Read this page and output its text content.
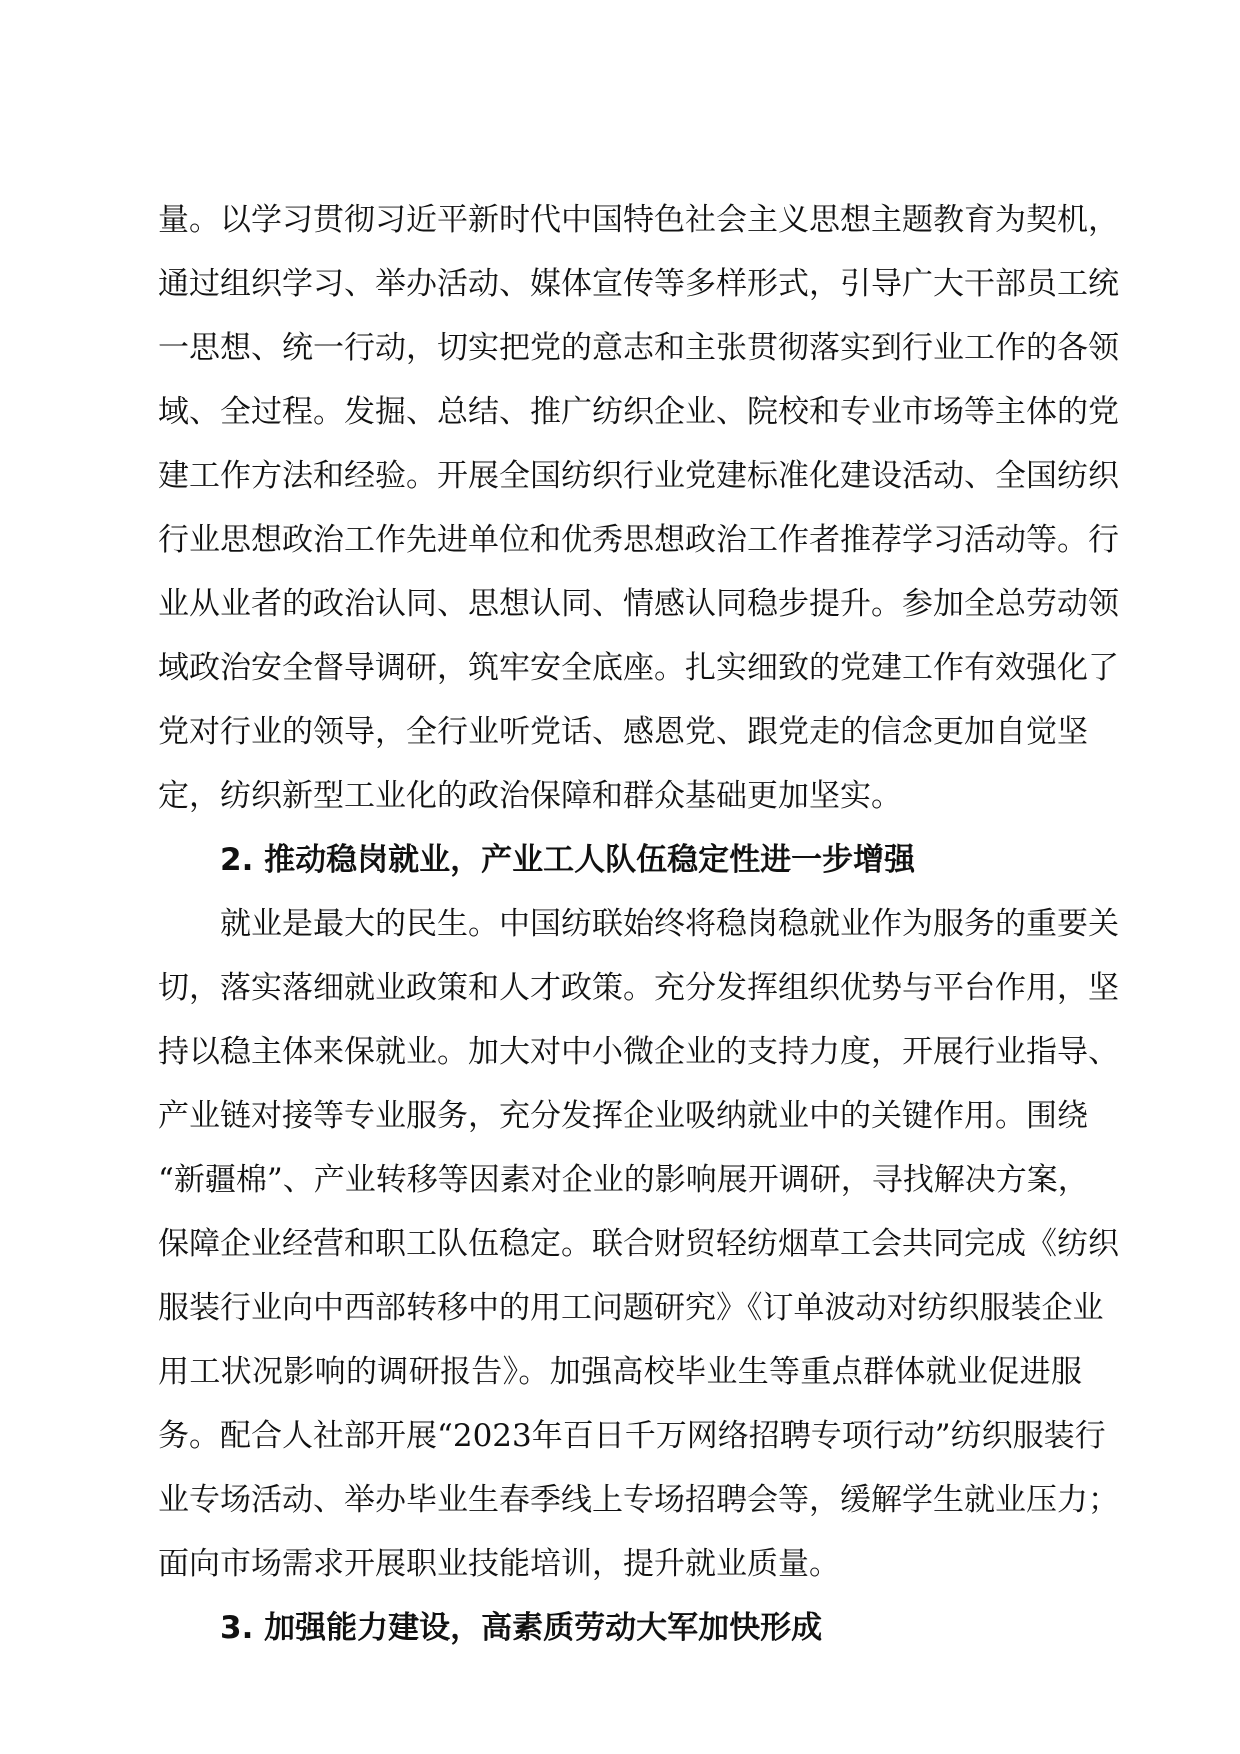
量。以学习贯彻习近平新时代中国特色社会主义思想主题教育为契机，
通过组织学习、举办活动、媒体宣传等多样形式，引导广大干部员工统
一思想、统一行动，切实把党的意志和主张贯彻落实到行业工作的各领
域、全过程。发掘、总结、推广纺织企业、院校和专业市场等主体的党
建工作方法和经验。开展全国纺织行业党建标准化建设活动、全国纺织
行业思想政治工作先进单位和优秀思想政治工作者推荐学习活动等。行
业从业者的政治认同、思想认同、情感认同稳步提升。参加全总劳动领
域政治安全督导调研，筑牢安全底座。扎实细致的党建工作有效强化了
党对行业的领导，全行业听党话、感恩党、跟党走的信念更加自觉坚
定，纺织新型工业化的政治保障和群众基础更加坚实。
2. 推动稳岗就业，产业工人队伍稳定性进一步增强
就业是最大的民生。中国纺联始终将稳岗稳就业作为服务的重要关
切，落实落细就业政策和人才政策。充分发挥组织优势与平台作用，坚
持以稳主体来保就业。加大对中小微企业的支持力度，开展行业指导、
产业链对接等专业服务，充分发挥企业吸纳就业中的关键作用。围绕
“新疆棉”、产业转移等因素对企业的影响展开调研，寻找解决方案，
保障企业经营和职工队伍稳定。联合财贸轻纺烟草工会共同完成《纺织
服装行业向中西部转移中的用工问题研究》《订单波动对纺织服装企业
用工状况影响的调研报告》。加强高校毕业生等重点群体就业促进服
务。配合人社部开展“2023年百日千万网络招聘专项行动”纺织服装行
业专场活动、举办毕业生春季线上专场招聘会等，缓解学生就业压力；
面向市场需求开展职业技能培训，提升就业质量。
3. 加强能力建设，高素质劳动大军加快形成
